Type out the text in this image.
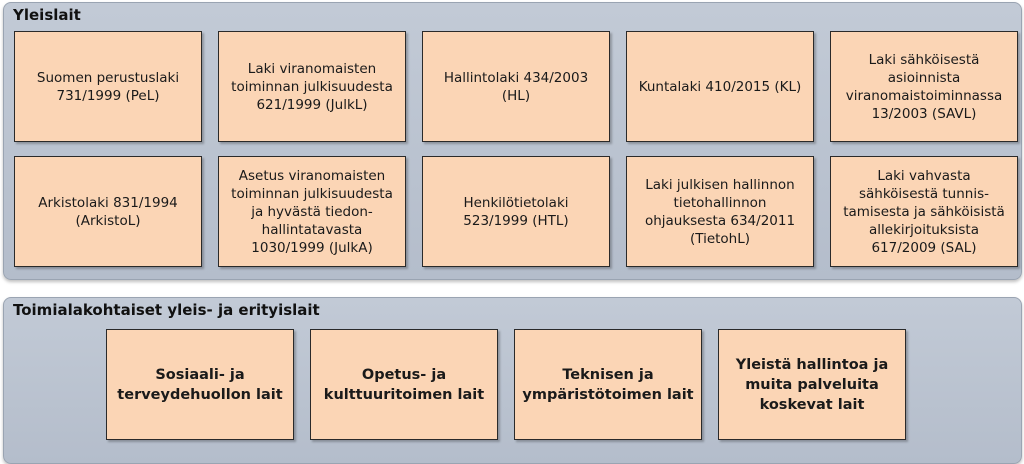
Yleislait
Suomen perustuslaki
731/1999 (PeL)
Laki viranomaisten
toiminnan julkisuudesta
621/1999 (JulkL)
Hallintolaki 434/2003
(HL)
Kuntalaki 410/2015 (KL)
Laki sähköisestä
asioinnista
viranomaistoiminnassa
13/2003 (SAVL)
Arkistolaki 831/1994
(ArkistoL)
Asetus viranomaisten
toiminnan julkisuudesta
ja hyvästä tiedon-
hallintatavasta
1030/1999 (JulkA)
Henkilötietolaki
523/1999 (HTL)
Laki julkisen hallinnon
tietohallinnon
ohjauksesta 634/2011
(TietohL)
Laki vahvasta
sähköisestä tunnis-
tamisesta ja sähköisistä
allekirjoituksista
617/2009 (SAL)
Toimialakohtaiset yleis- ja erityislait
Sosiaali- ja
terveydehuollon lait
Opetus- ja
kulttuuritoimen lait
Teknisen ja
ympäristötoimen lait
Yleistä hallintoa ja
muita palveluita
koskevat lait
